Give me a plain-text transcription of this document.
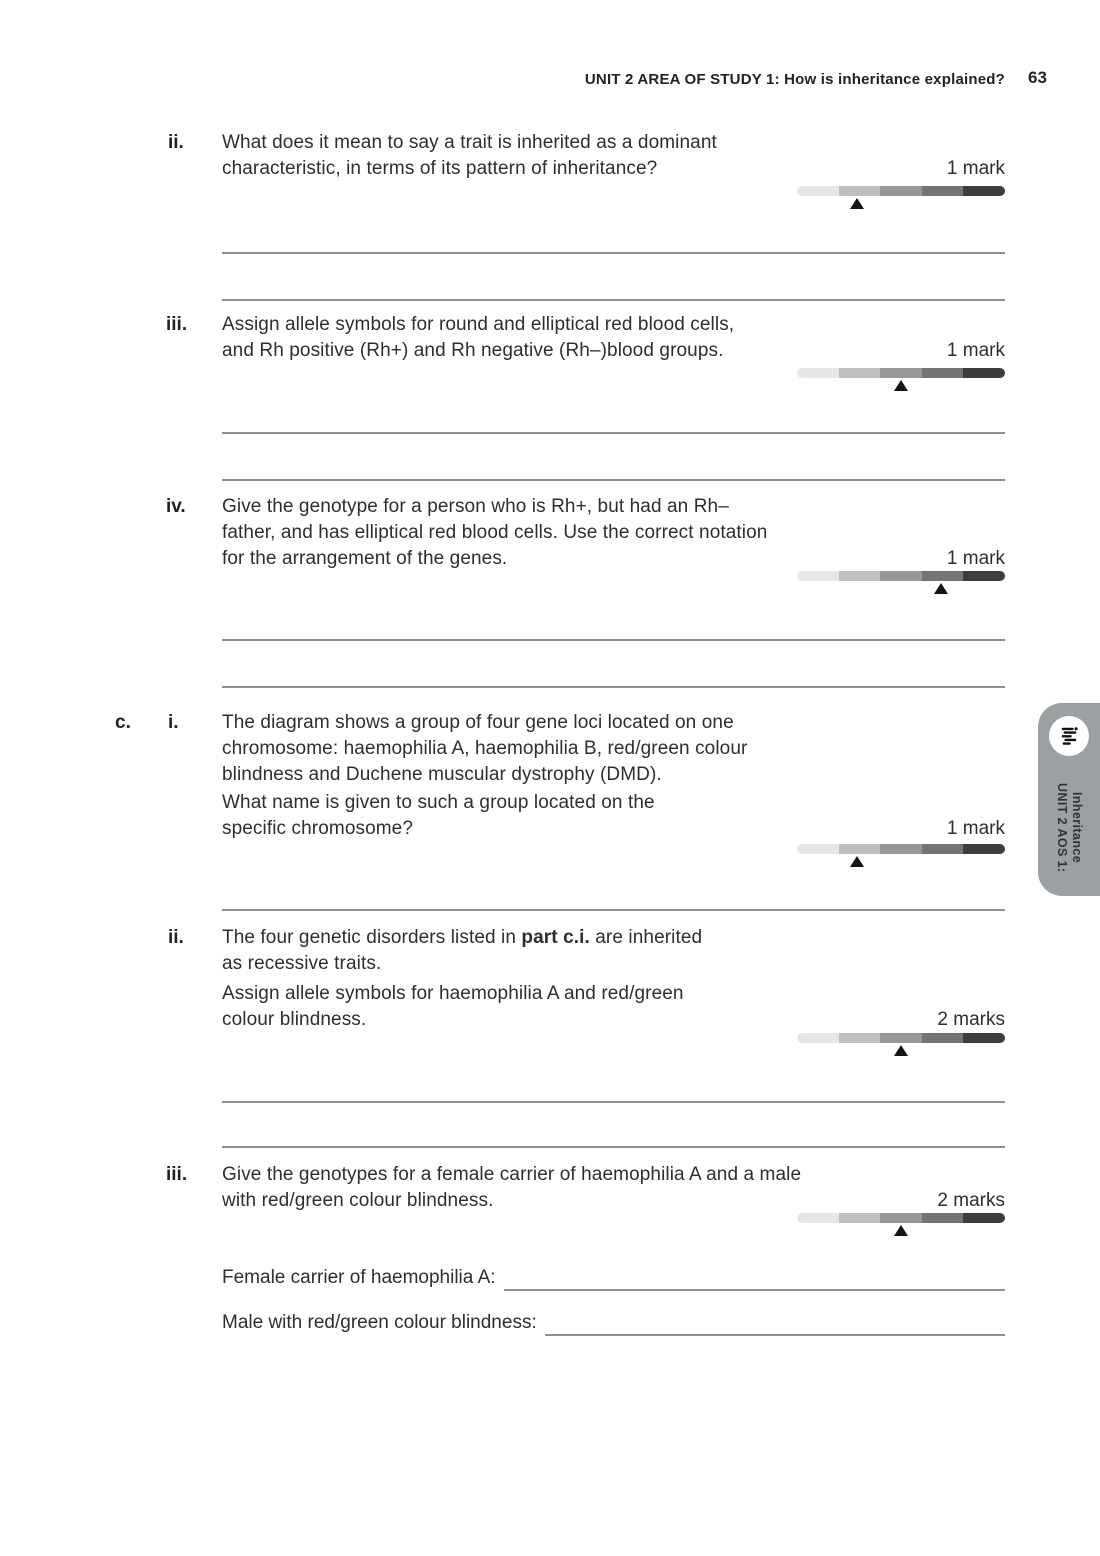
UNIT 2 AREA OF STUDY 1: How is inheritance explained? 63
ii. What does it mean to say a trait is inherited as a dominant
characteristic, in terms of its pattern of inheritance?	1 mark
iii. Assign allele symbols for round and elliptical red blood cells,
and Rh positive (Rh+) and Rh negative (Rh–)blood groups.	1 mark
iv. Give the genotype for a person who is Rh+, but had an Rh–
father, and has elliptical red blood cells. Use the correct notation
for the arrangement of the genes.	1 mark
c. i. The diagram shows a group of four gene loci located on one
chromosome: haemophilia A, haemophilia B, red/green colour
blindness and Duchene muscular dystrophy (DMD).
What name is given to such a group located on the
specific chromosome?	1 mark
ii. The four genetic disorders listed in part c.i. are inherited
as recessive traits.
Assign allele symbols for haemophilia A and red/green
colour blindness.	2 marks
iii. Give the genotypes for a female carrier of haemophilia A and a male
with red/green colour blindness.	2 marks
Female carrier of haemophilia A:
Male with red/green colour blindness:
UNIT 2 AOS 1: Inheritance
